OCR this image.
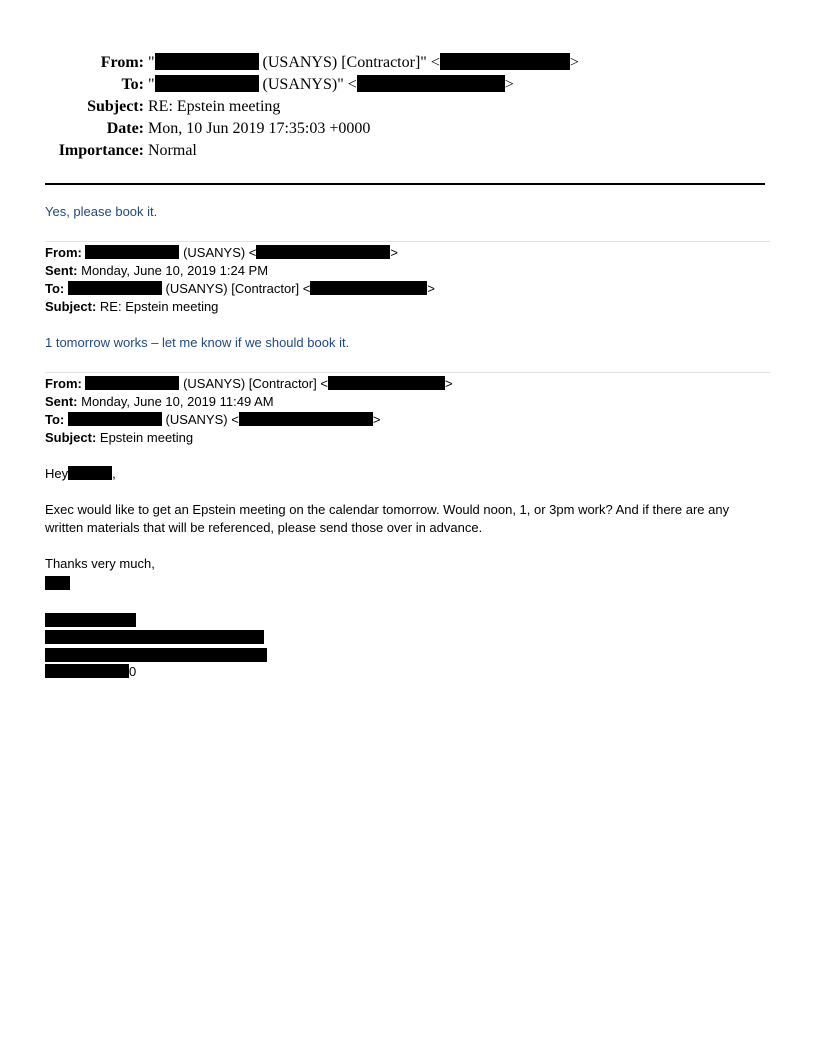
From: "	(USANYS) [Contractor]" <	>
To: "	(USANYS)" <	>
Subject: RE: Epstein meeting
Date: Mon, 10 Jun 2019 17:35:03 +0000
Importance: Normal
Yes, please book it.
From:	(USANYS) <	>
Sent: Monday, June 10, 2019 1:24 PM
To:	(USANYS) [Contractor] <	>
Subject: RE: Epstein meeting
1 tomorrow works – let me know if we should book it.
From:	(USANYS) [Contractor] <	>
Sent: Monday, June 10, 2019 11:49 AM
To:	(USANYS) <	>
Subject: Epstein meeting
Hey	,
Exec would like to get an Epstein meeting on the calendar tomorrow. Would noon, 1, or 3pm work? And if there are any
written materials that will be referenced, please send those over in advance.
Thanks very much,
0
